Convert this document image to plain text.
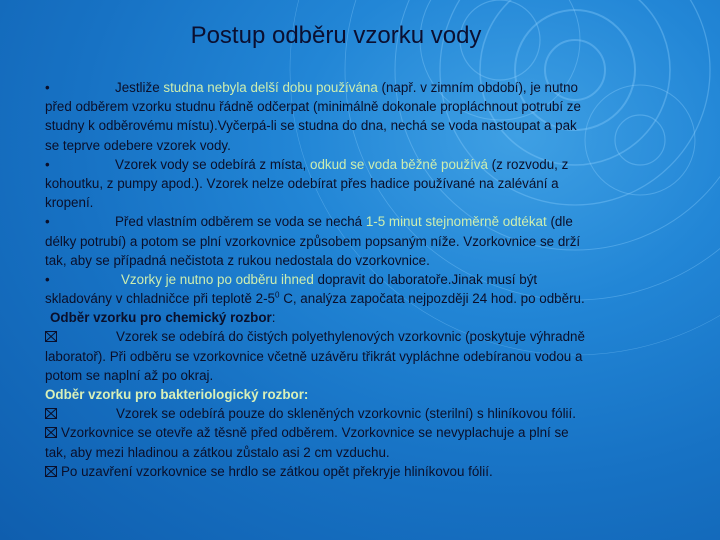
Postup odběru vzorku vody
•	Jestliže studna nebyla delší dobu používána (např. v zimním období), je nutno
před odběrem vzorku studnu řádně odčerpat (minimálně dokonale propláchnout potrubí ze
studny k odběrovému místu).Vyčerpá-li se studna do dna, nechá se voda nastoupat a pak
se teprve odebere vzorek vody.
•	Vzorek vody se odebírá z místa, odkud se voda běžně používá (z rozvodu, z
kohoutku, z pumpy apod.). Vzorek nelze odebírat přes hadice používané na zalévání a
kropení.
•	Před vlastním odběrem se voda se nechá 1-5 minut stejnoměrně odtékat (dle
délky potrubí) a potom se plní vzorkovnice způsobem popsaným níže. Vzorkovnice se drží
tak, aby se případná nečistota z rukou nedostala do vzorkovnice.
•	Vzorky je nutno po odběru ihned dopravit do laboratoře.Jinak musí být
skladovány v chladničce při teplotě $2-5^0$ C, analýza započata nejpozději 24 hod. po odběru.
Odběr vzorku pro chemický rozbor:
Vzorek se odebírá do čistých polyethylenových vzorkovnic (poskytuje výhradně
laboratoř). Při odběru se vzorkovnice včetně uzávěru třikrát vypláchne odebíranou vodou a
potom se naplní až po okraj.
Odběr vzorku pro bakteriologický rozbor:
Vzorek se odebírá pouze do skleněných vzorkovnic (sterilní) s hliníkovou fólií.
Vzorkovnice se otevře až těsně před odběrem. Vzorkovnice se nevyplachuje a plní se
tak, aby mezi hladinou a zátkou zůstalo asi 2 cm vzduchu.
Po uzavření vzorkovnice se hrdlo se zátkou opět překryje hliníkovou fólií.
